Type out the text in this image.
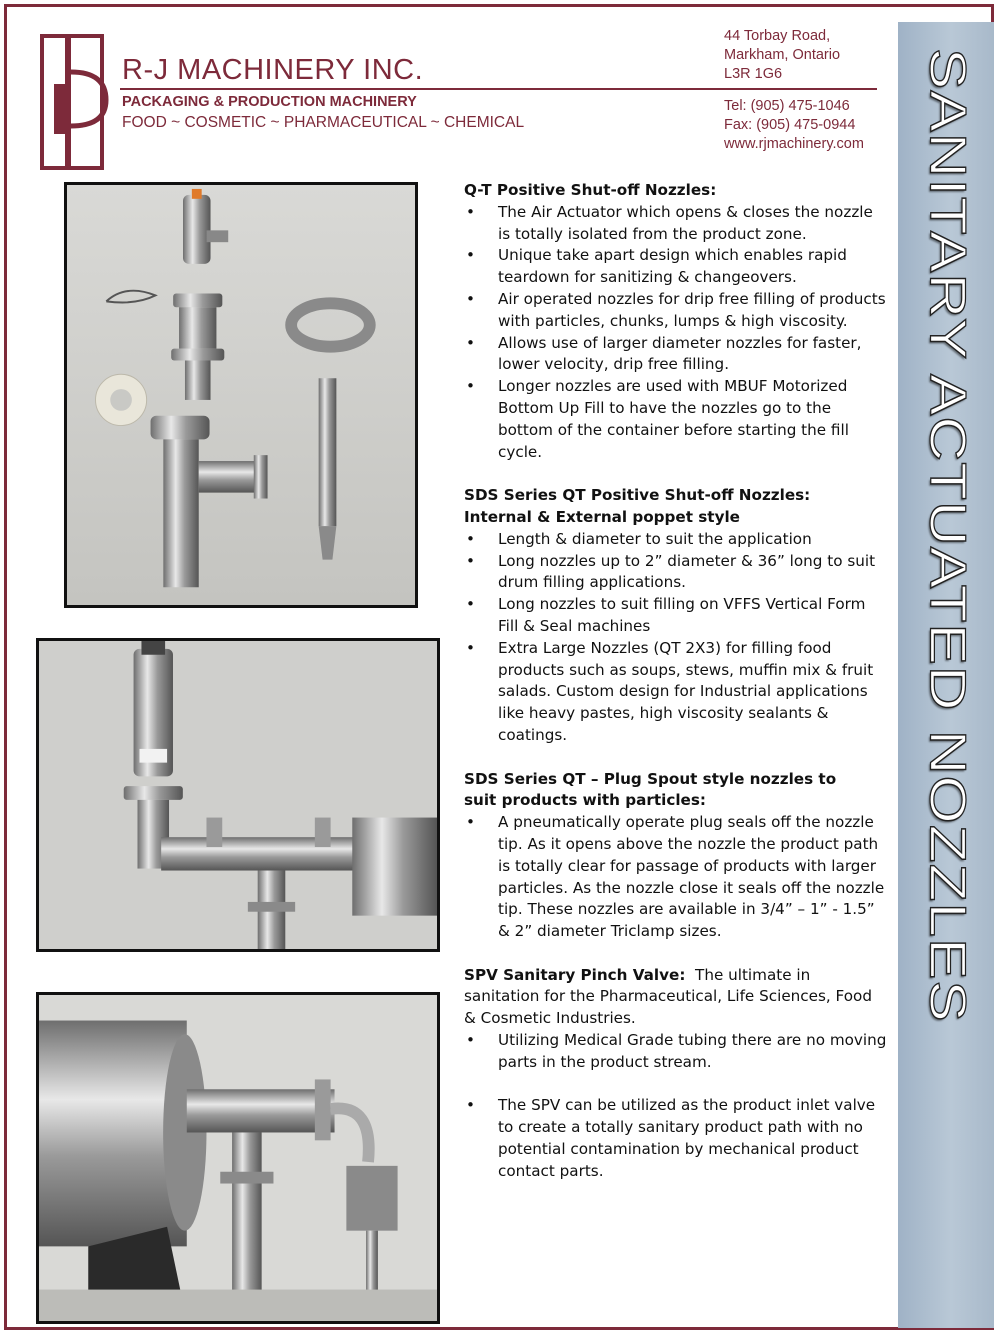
SANITARY ACTUATED NOZZLES
R-J MACHINERY INC.
PACKAGING & PRODUCTION MACHINERY
FOOD ~ COSMETIC ~ PHARMACEUTICAL ~ CHEMICAL
44 Torbay Road,
Markham, Ontario
L3R 1G6
Tel: (905) 475-1046
Fax: (905) 475-0944
www.rjmachinery.com
Q-T Positive Shut-off Nozzles:
• The Air Actuator which opens & closes the nozzle is totally isolated from the product zone.
• Unique take apart design which enables rapid teardown for sanitizing & changeovers.
• Air operated nozzles for drip free filling of products with particles, chunks, lumps & high viscosity.
• Allows use of larger diameter nozzles for faster, lower velocity, drip free filling.
• Longer nozzles are used with MBUF Motorized Bottom Up Fill to have the nozzles go to the bottom of the container before starting the fill cycle.
SDS Series QT Positive Shut-off Nozzles:
Internal & External poppet style
• Length & diameter to suit the application
• Long nozzles up to 2” diameter & 36” long to suit drum filling applications.
• Long nozzles to suit filling on VFFS Vertical Form Fill & Seal machines
• Extra Large Nozzles (QT 2X3) for filling food products such as soups, stews, muffin mix & fruit salads. Custom design for Industrial applications like heavy pastes, high viscosity sealants & coatings.
SDS Series QT – Plug Spout style nozzles to
suit products with particles:
• A pneumatically operate plug seals off the nozzle tip. As it opens above the nozzle the product path is totally clear for passage of products with larger particles. As the nozzle close it seals off the nozzle tip. These nozzles are available in 3/4” – 1” - 1.5” & 2” diameter Triclamp sizes.
SPV Sanitary Pinch Valve:  The ultimate in sanitation for the Pharmaceutical, Life Sciences, Food & Cosmetic Industries.
• Utilizing Medical Grade tubing there are no moving parts in the product stream.
• The SPV can be utilized as the product inlet valve to create a totally sanitary product path with no potential contamination by mechanical product contact parts.
